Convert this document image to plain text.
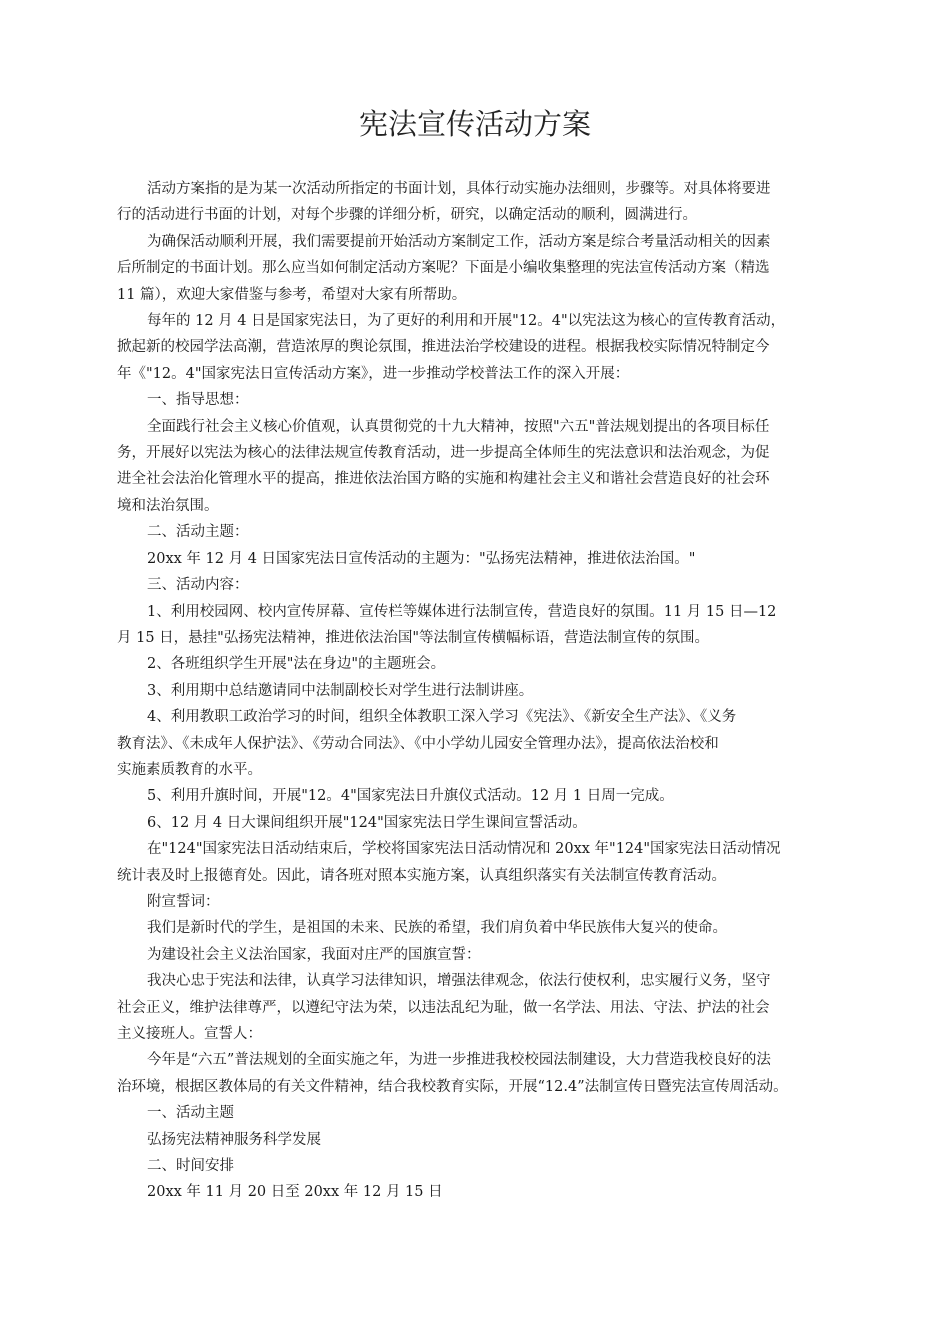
宪法宣传活动方案

活动方案指的是为某一次活动所指定的书面计划，具体行动实施办法细则，步骤等。对具体将要进
行的活动进行书面的计划，对每个步骤的详细分析，研究，以确定活动的顺利，圆满进行。

为确保活动顺利开展，我们需要提前开始活动方案制定工作，活动方案是综合考量活动相关的因素
后所制定的书面计划。那么应当如何制定活动方案呢？下面是小编收集整理的宪法宣传活动方案（精选
11 篇），欢迎大家借鉴与参考，希望对大家有所帮助。

每年的 12 月 4 日是国家宪法日，为了更好的利用和开展"12。4"以宪法这为核心的宣传教育活动，
掀起新的校园学法高潮，营造浓厚的舆论氛围，推进法治学校建设的进程。根据我校实际情况特制定今
年《"12。4"国家宪法日宣传活动方案》，进一步推动学校普法工作的深入开展：

一、指导思想：

全面践行社会主义核心价值观，认真贯彻党的十九大精神，按照"六五"普法规划提出的各项目标任
务，开展好以宪法为核心的法律法规宣传教育活动，进一步提高全体师生的宪法意识和法治观念，为促
进全社会法治化管理水平的提高，推进依法治国方略的实施和构建社会主义和谐社会营造良好的社会环
境和法治氛围。

二、活动主题：

20xx 年 12 月 4 日国家宪法日宣传活动的主题为："弘扬宪法精神，推进依法治国。"

三、活动内容：

1、利用校园网、校内宣传屏幕、宣传栏等媒体进行法制宣传，营造良好的氛围。11 月 15 日—12
月 15 日，悬挂"弘扬宪法精神，推进依法治国"等法制宣传横幅标语，营造法制宣传的氛围。

2、各班组织学生开展"法在身边"的主题班会。

3、利用期中总结邀请同中法制副校长对学生进行法制讲座。

4、利用教职工政治学习的时间，组织全体教职工深入学习《宪法》、《新安全生产法》、《义务
教育法》、《未成年人保护法》、《劳动合同法》、《中小学幼儿园安全管理办法》，提高依法治校和
实施素质教育的水平。

5、利用升旗时间，开展"12。4"国家宪法日升旗仪式活动。12 月 1 日周一完成。

6、12 月 4 日大课间组织开展"124"国家宪法日学生课间宣誓活动。

在"124"国家宪法日活动结束后，学校将国家宪法日活动情况和 20xx 年"124"国家宪法日活动情况
统计表及时上报德育处。因此，请各班对照本实施方案，认真组织落实有关法制宣传教育活动。

附宣誓词：

我们是新时代的学生，是祖国的未来、民族的希望，我们肩负着中华民族伟大复兴的使命。

为建设社会主义法治国家，我面对庄严的国旗宣誓：

我决心忠于宪法和法律，认真学习法律知识，增强法律观念，依法行使权利，忠实履行义务，坚守
社会正义，维护法律尊严，以遵纪守法为荣，以违法乱纪为耻，做一名学法、用法、守法、护法的社会
主义接班人。宣誓人：

今年是“六五”普法规划的全面实施之年，为进一步推进我校校园法制建设，大力营造我校良好的法
治环境，根据区教体局的有关文件精神，结合我校教育实际，开展“12.4”法制宣传日暨宪法宣传周活动。

一、活动主题

弘扬宪法精神服务科学发展

二、时间安排

20xx 年 11 月 20 日至 20xx 年 12 月 15 日
